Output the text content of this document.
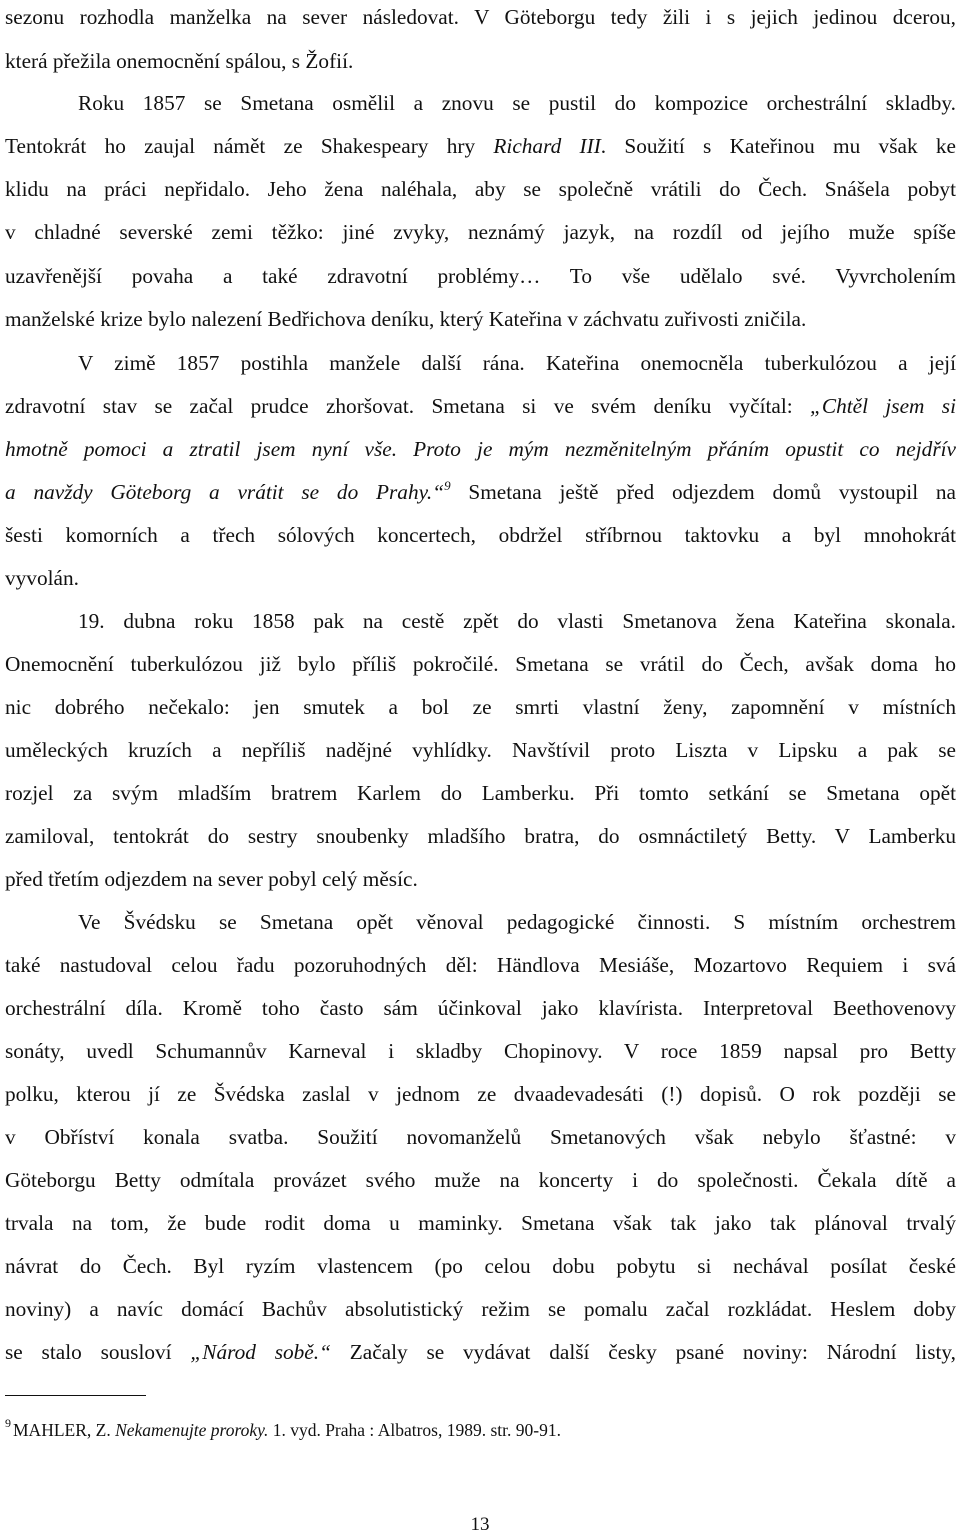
sezonu rozhodla manželka na sever následovat. V Göteborgu tedy žili i s jejich jedinou dcerou,
která přežila onemocnění spálou, s Žofií.
Roku 1857 se Smetana osmělil a znovu se pustil do kompozice orchestrální skladby.
Tentokrát ho zaujal námět ze Shakespeary hry Richard III. Soužití s Kateřinou mu však ke
klidu na práci nepřidalo. Jeho žena naléhala, aby se společně vrátili do Čech. Snášela pobyt
v chladné severské zemi těžko: jiné zvyky, neznámý jazyk, na rozdíl od jejího muže spíše
uzavřenější povaha a také zdravotní problémy… To vše udělalo své. Vyvrcholením
manželské krize bylo nalezení Bedřichova deníku, který Kateřina v záchvatu zuřivosti zničila.
V zimě 1857 postihla manžele další rána. Kateřina onemocněla tuberkulózou a její
zdravotní stav se začal prudce zhoršovat. Smetana si ve svém deníku vyčítal: „Chtěl jsem si
hmotně pomoci a ztratil jsem nyní vše. Proto je mým nezměnitelným přáním opustit co nejdřív
a navždy Göteborg a vrátit se do Prahy.“$^9$ Smetana ještě před odjezdem domů vystoupil na
šesti komorních a třech sólových koncertech, obdržel stříbrnou taktovku a byl mnohokrát
vyvolán.
19. dubna roku 1858 pak na cestě zpět do vlasti Smetanova žena Kateřina skonala.
Onemocnění tuberkulózou již bylo příliš pokročilé. Smetana se vrátil do Čech, avšak doma ho
nic dobrého nečekalo: jen smutek a bol ze smrti vlastní ženy, zapomnění v místních
uměleckých kruzích a nepříliš nadějné vyhlídky. Navštívil proto Liszta v Lipsku a pak se
rozjel za svým mladším bratrem Karlem do Lamberku. Při tomto setkání se Smetana opět
zamiloval, tentokrát do sestry snoubenky mladšího bratra, do osmnáctiletý Betty. V Lamberku
před třetím odjezdem na sever pobyl celý měsíc.
Ve Švédsku se Smetana opět věnoval pedagogické činnosti. S místním orchestrem
také nastudoval celou řadu pozoruhodných děl: Händlova Mesiáše, Mozartovo Requiem i svá
orchestrální díla. Kromě toho často sám účinkoval jako klavírista. Interpretoval Beethovenovy
sonáty, uvedl Schumannův Karneval i skladby Chopinovy. V roce 1859 napsal pro Betty
polku, kterou jí ze Švédska zaslal v jednom ze dvaadevadesáti (!) dopisů. O rok později se
v Obříství konala svatba. Soužití novomanželů Smetanových však nebylo šťastné: v
Göteborgu Betty odmítala provázet svého muže na koncerty i do společnosti. Čekala dítě a
trvala na tom, že bude rodit doma u maminky. Smetana však tak jako tak plánoval trvalý
návrat do Čech. Byl ryzím vlastencem (po celou dobu pobytu si nechával posílat české
noviny) a navíc domácí Bachův absolutistický režim se pomalu začal rozkládat. Heslem doby
se stalo sousloví „Národ sobě.“ Začaly se vydávat další česky psané noviny: Národní listy,
$^9$ MAHLER, Z. Nekamenujte proroky. 1. vyd. Praha : Albatros, 1989. str. 90-91.
13
